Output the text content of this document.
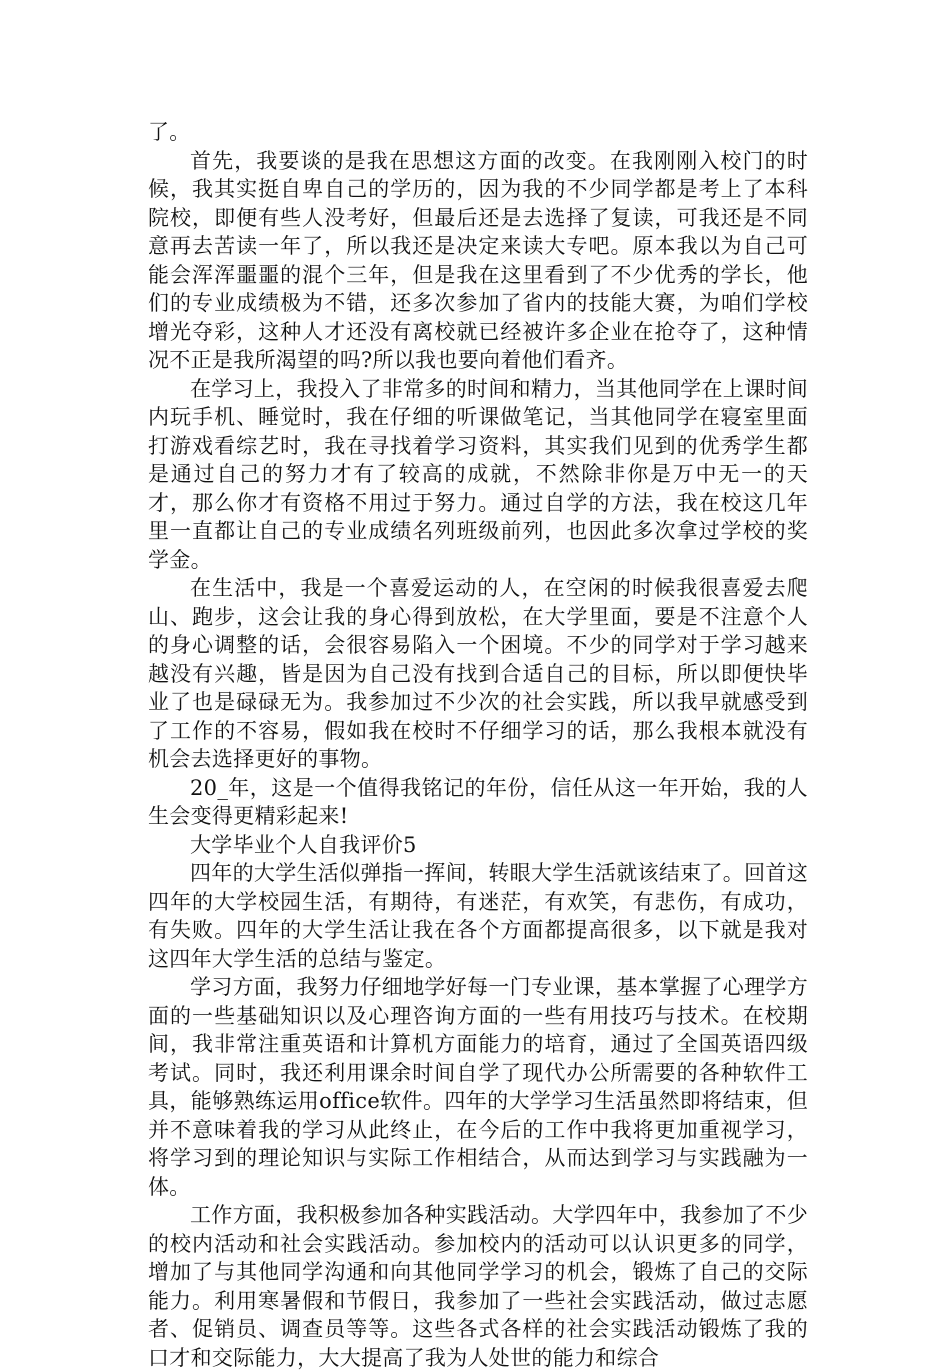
了。

首先，我要谈的是我在思想这方面的改变。在我刚刚入校门的时候，我其实挺自卑自己的学历的，因为我的不少同学都是考上了本科院校，即便有些人没考好，但最后还是去选择了复读，可我还是不同意再去苦读一年了，所以我还是决定来读大专吧。原本我以为自己可能会浑浑噩噩的混个三年，但是我在这里看到了不少优秀的学长，他们的专业成绩极为不错，还多次参加了省内的技能大赛，为咱们学校增光夺彩，这种人才还没有离校就已经被许多企业在抢夺了，这种情况不正是我所渴望的吗?所以我也要向着他们看齐。

在学习上，我投入了非常多的时间和精力，当其他同学在上课时间内玩手机、睡觉时，我在仔细的听课做笔记，当其他同学在寝室里面打游戏看综艺时，我在寻找着学习资料，其实我们见到的优秀学生都是通过自己的努力才有了较高的成就，不然除非你是万中无一的天才，那么你才有资格不用过于努力。通过自学的方法，我在校这几年里一直都让自己的专业成绩名列班级前列，也因此多次拿过学校的奖学金。

在生活中，我是一个喜爱运动的人，在空闲的时候我很喜爱去爬山、跑步，这会让我的身心得到放松，在大学里面，要是不注意个人的身心调整的话，会很容易陷入一个困境。不少的同学对于学习越来越没有兴趣，皆是因为自己没有找到合适自己的目标，所以即便快毕业了也是碌碌无为。我参加过不少次的社会实践，所以我早就感受到了工作的不容易，假如我在校时不仔细学习的话，那么我根本就没有机会去选择更好的事物。

20_年，这是一个值得我铭记的年份，信任从这一年开始，我的人生会变得更精彩起来!

大学毕业个人自我评价5

四年的大学生活似弹指一挥间，转眼大学生活就该结束了。回首这四年的大学校园生活，有期待，有迷茫，有欢笑，有悲伤，有成功，有失败。四年的大学生活让我在各个方面都提高很多，以下就是我对这四年大学生活的总结与鉴定。

学习方面，我努力仔细地学好每一门专业课，基本掌握了心理学方面的一些基础知识以及心理咨询方面的一些有用技巧与技术。在校期间，我非常注重英语和计算机方面能力的培育，通过了全国英语四级考试。同时，我还利用课余时间自学了现代办公所需要的各种软件工具，能够熟练运用office软件。四年的大学学习生活虽然即将结束，但并不意味着我的学习从此终止，在今后的工作中我将更加重视学习，将学习到的理论知识与实际工作相结合，从而达到学习与实践融为一体。

工作方面，我积极参加各种实践活动。大学四年中，我参加了不少的校内活动和社会实践活动。参加校内的活动可以认识更多的同学，增加了与其他同学沟通和向其他同学学习的机会，锻炼了自己的交际能力。利用寒暑假和节假日，我参加了一些社会实践活动，做过志愿者、促销员、调查员等等。这些各式各样的社会实践活动锻炼了我的口才和交际能力，大大提高了我为人处世的能力和综合
